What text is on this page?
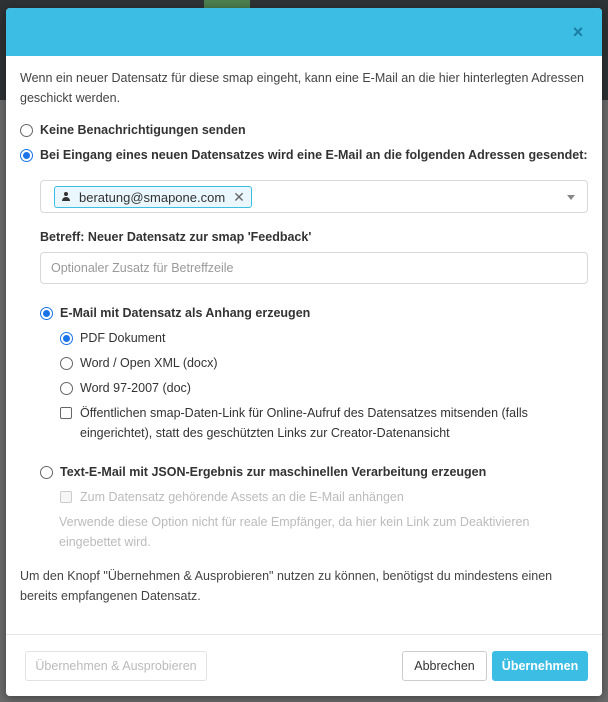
×

Wenn ein neuer Datensatz für diese smap eingeht, kann eine E-Mail an die hier hinterlegten Adressen geschickt werden.

Keine Benachrichtigungen senden
Bei Eingang eines neuen Datensatzes wird eine E-Mail an die folgenden Adressen gesendet:
beratung@smapone.com ✕
Betreff: Neuer Datensatz zur smap 'Feedback'
Optionaler Zusatz für Betreffzeile
E-Mail mit Datensatz als Anhang erzeugen
PDF Dokument
Word / Open XML (docx)
Word 97-2007 (doc)
Öffentlichen smap-Daten-Link für Online-Aufruf des Datensatzes mitsenden (falls eingerichtet), statt des geschützten Links zur Creator-Datenansicht
Text-E-Mail mit JSON-Ergebnis zur maschinellen Verarbeitung erzeugen
Zum Datensatz gehörende Assets an die E-Mail anhängen
Verwende diese Option nicht für reale Empfänger, da hier kein Link zum Deaktivieren eingebettet wird.
Um den Knopf "Übernehmen & Ausprobieren" nutzen zu können, benötigst du mindestens einen bereits empfangenen Datensatz.
Übernehmen & Ausprobieren	Abbrechen	Übernehmen
